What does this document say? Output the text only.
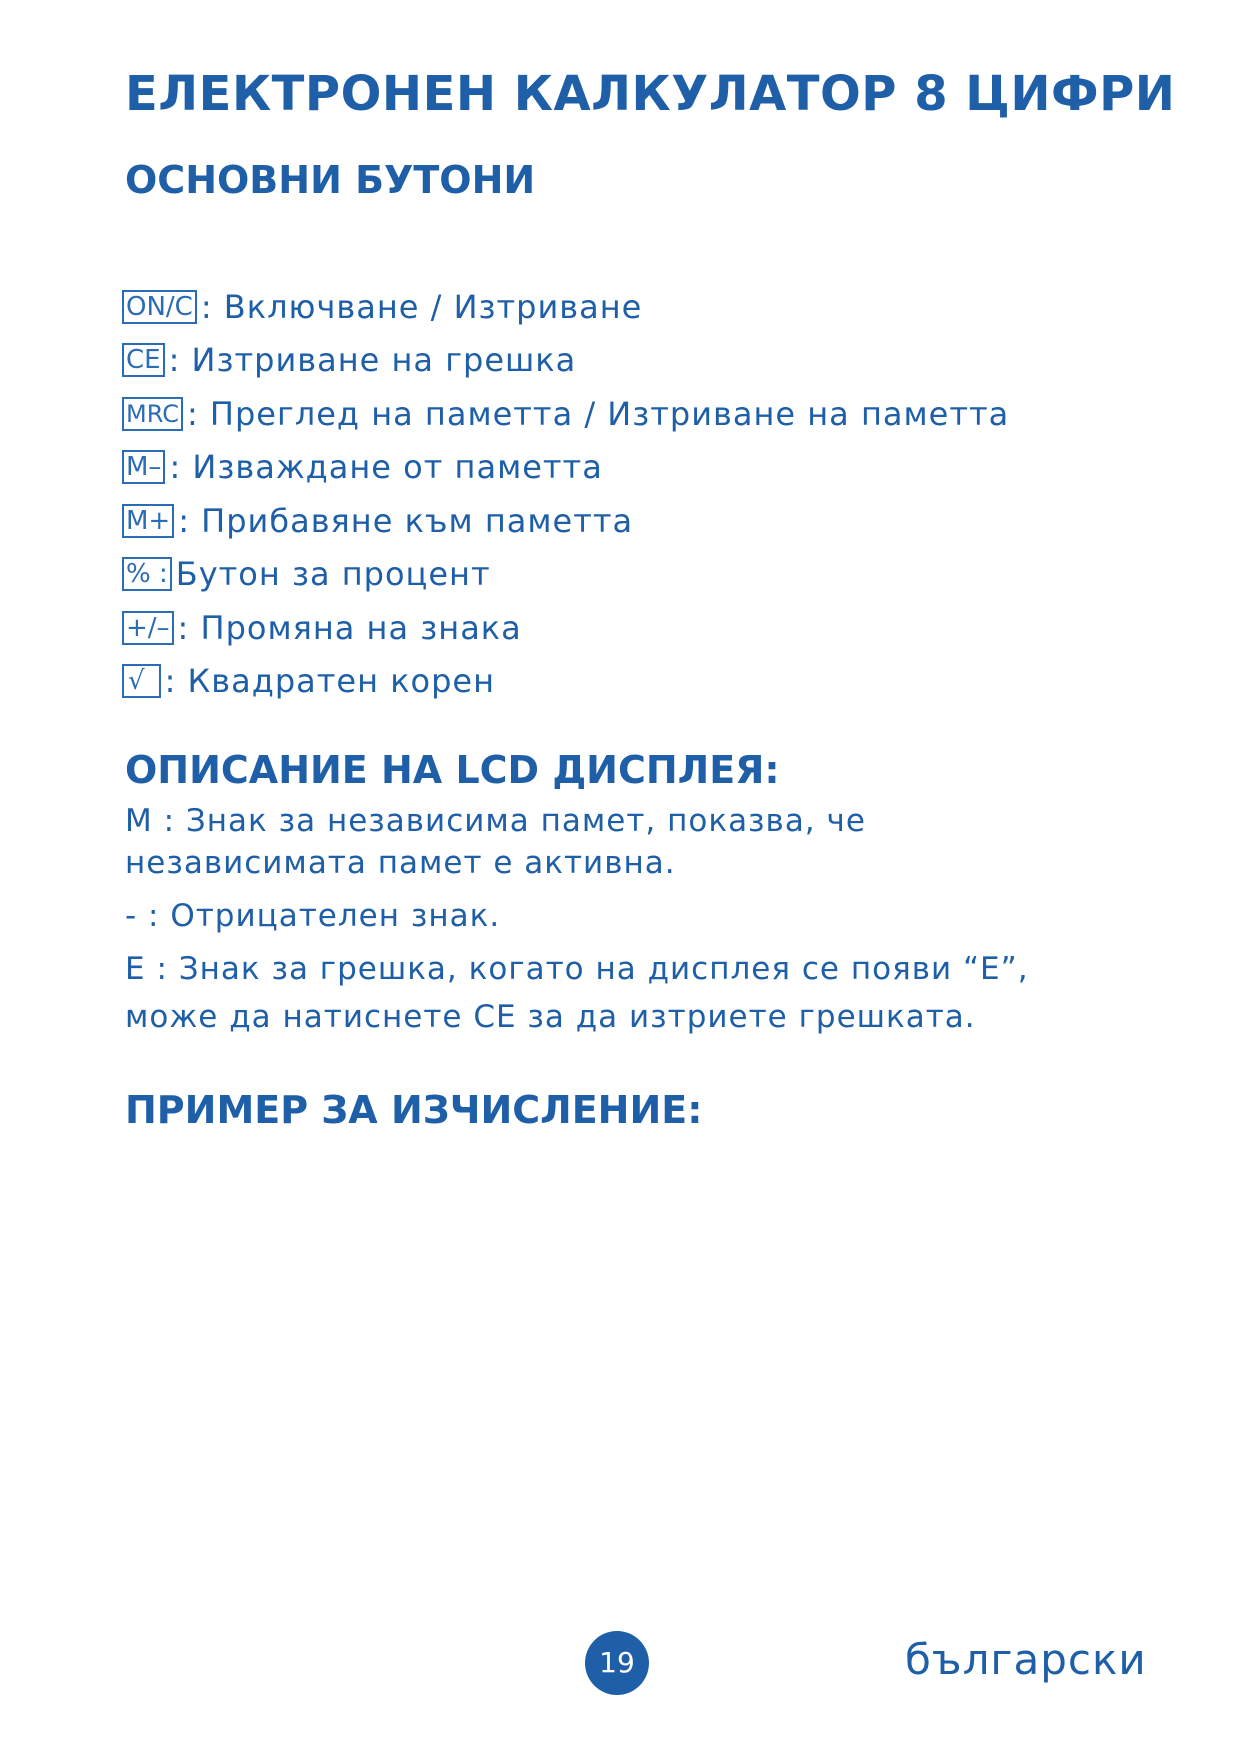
ЕЛЕКТРОНЕН КАЛКУЛАТОР 8 ЦИФРИ
ОСНОВНИ БУТОНИ
ON/C : Включване / Изтриване
CE : Изтриване на грешка
MRC : Преглед на паметта / Изтриване на паметта
M– : Изваждане от паметта
M+ : Прибавяне към паметта
% : Бутон за процент
+/– : Промяна на знака
√ : Квадратен корен
ОПИСАНИЕ НА LCD ДИСПЛЕЯ:
M : Знак за независима памет, показва, че
независимата памет е активна.
- : Отрицателен знак.
E : Знак за грешка, когато на дисплея се появи “E”,
може да натиснете CE за да изтриете грешката.
ПРИМЕР ЗА ИЗЧИСЛЕНИЕ:
19	български
